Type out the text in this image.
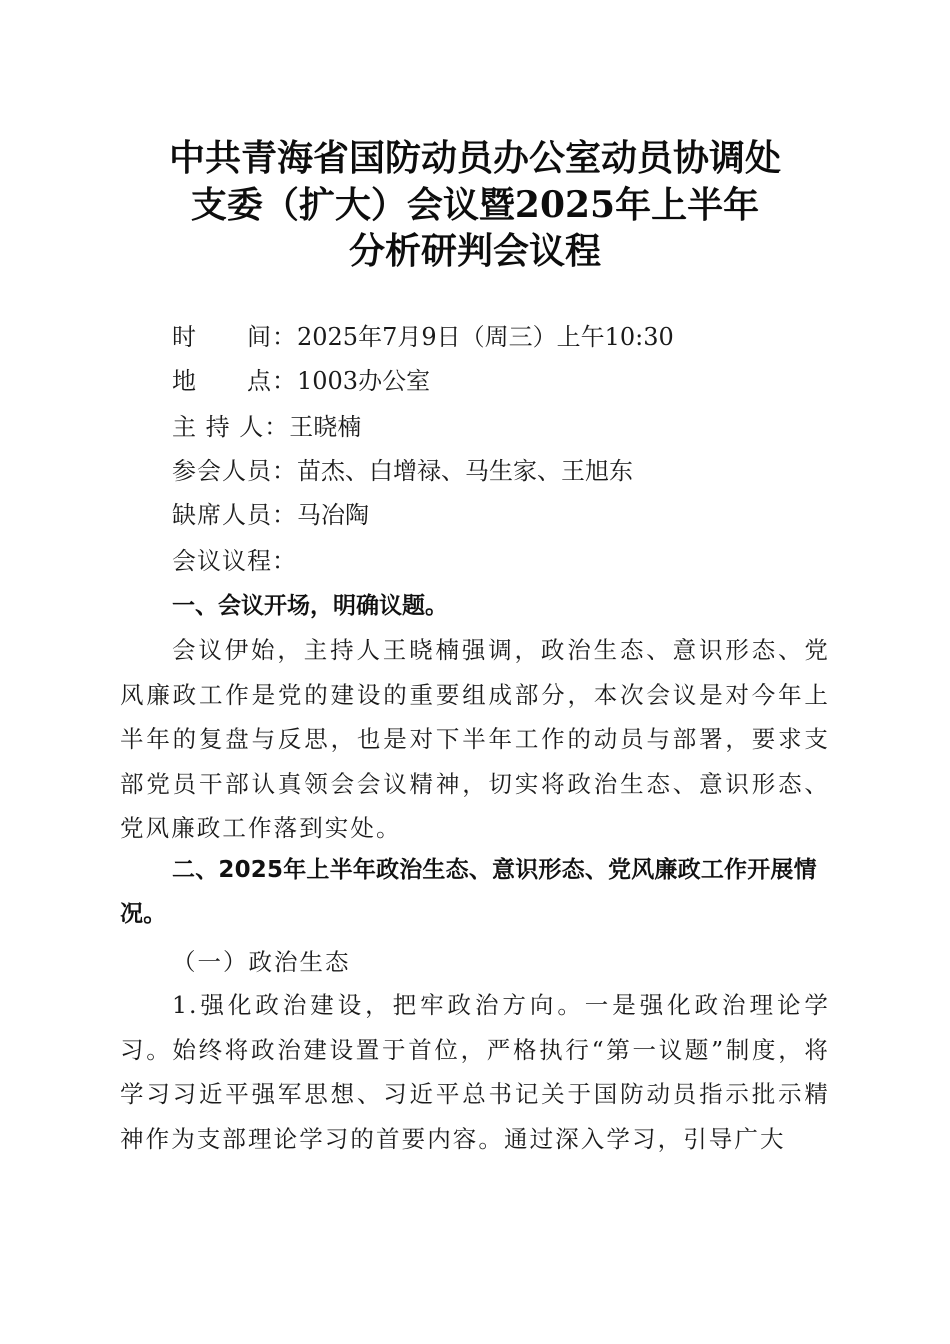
中共青海省国防动员办公室动员协调处
支委（扩大）会议暨2025年上半年
分析研判会议程
时　　间：2025年7月9日（周三）上午10:30
地　　点：1003办公室
主 持 人：王晓楠
参会人员：苗杰、白增禄、马生家、王旭东
缺席人员：马冶陶
会议议程：
一、会议开场，明确议题。
会议伊始，主持人王晓楠强调，政治生态、意识形态、党风廉政工作是党的建设的重要组成部分，本次会议是对今年上半年的复盘与反思，也是对下半年工作的动员与部署，要求支部党员干部认真领会会议精神，切实将政治生态、意识形态、党风廉政工作落到实处。
二、2025年上半年政治生态、意识形态、党风廉政工作开展情况。
（一）政治生态
1.强化政治建设，把牢政治方向。一是强化政治理论学习。始终将政治建设置于首位，严格执行“第一议题”制度，将学习习近平强军思想、习近平总书记关于国防动员指示批示精神作为支部理论学习的首要内容。通过深入学习，引导广大
